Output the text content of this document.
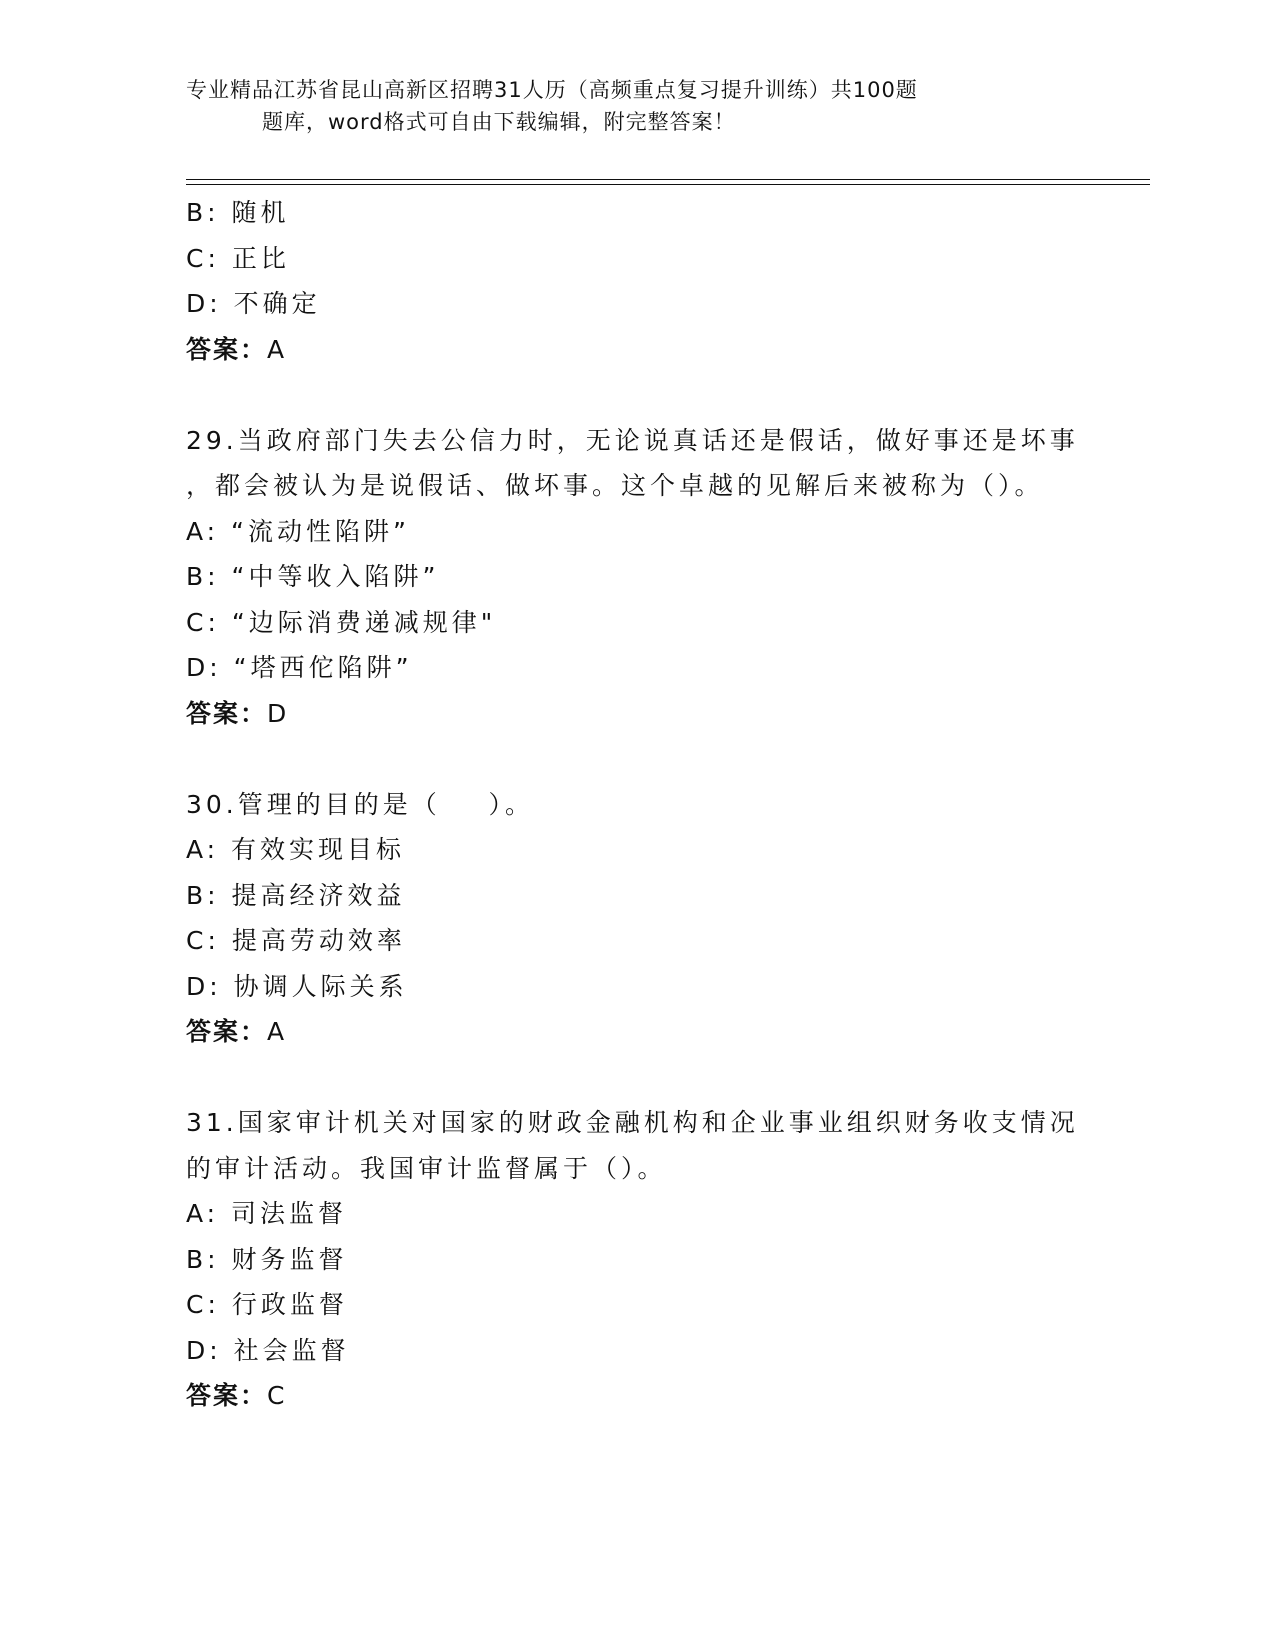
专业精品江苏省昆山高新区招聘31人历（高频重点复习提升训练）共100题
题库，word格式可自由下载编辑，附完整答案！
B: 随机
C: 正比
D: 不确定
答案：A
29.当政府部门失去公信力时，无论说真话还是假话，做好事还是坏事
，都会被认为是说假话、做坏事。这个卓越的见解后来被称为（）。
A: “流动性陷阱”
B: “中等收入陷阱”
C: “边际消费递减规律"
D: “塔西佗陷阱”
答案：D
30.管理的目的是（    ）。
A: 有效实现目标
B: 提高经济效益
C: 提高劳动效率
D: 协调人际关系
答案：A
31.国家审计机关对国家的财政金融机构和企业事业组织财务收支情况
的审计活动。我国审计监督属于（）。
A: 司法监督
B: 财务监督
C: 行政监督
D: 社会监督
答案：C
